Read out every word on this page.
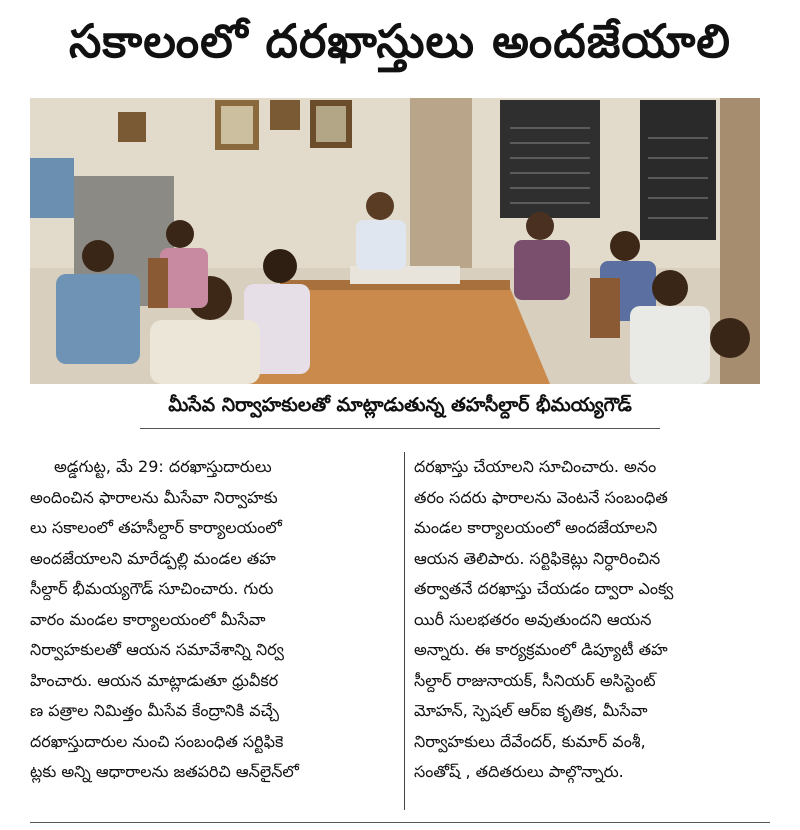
సకాలంలో దరఖాస్తులు అందజేయాలి
మీసేవ నిర్వాహకులతో మాట్లాడుతున్న తహసీల్దార్ భీమయ్యగౌడ్
అడ్డగుట్ట, మే 29: దరఖాస్తుదారులు
అందించిన ఫారాలను మీసేవా నిర్వాహకు
లు సకాలంలో తహసీల్దార్ కార్యాలయంలో
అందజేయాలని మారేడ్పల్లి మండల తహ
సీల్దార్ భీమయ్యగౌడ్ సూచించారు. గురు
వారం మండల కార్యాలయంలో మీసేవా
నిర్వాహకులతో ఆయన సమావేశాన్ని నిర్వ
హించారు. ఆయన మాట్లాడుతూ ధ్రువీకర
ణ పత్రాల నిమిత్తం మీసేవ కేంద్రానికి వచ్చే
దరఖాస్తుదారుల నుంచి సంబంధిత సర్టిఫికె
ట్లకు అన్ని ఆధారాలను జతపరిచి ఆన్‌లైన్‌లో
దరఖాస్తు చేయాలని సూచించారు. అనం
తరం సదరు ఫారాలను వెంటనే సంబంధిత
మండల కార్యాలయంలో అందజేయాలని
ఆయన తెలిపారు. సర్టిఫికెట్లు నిర్ధారించిన
తర్వాతనే దరఖాస్తు చేయడం ద్వారా ఎంక్వ
యిరీ సులభతరం అవుతుందని ఆయన
అన్నారు. ఈ కార్యక్రమంలో డిప్యూటీ తహ
సీల్దార్ రాజునాయక్, సీనియర్ అసిస్టెంట్
మోహన్, స్పెషల్ ఆర్ఐ కృతిక, మీసేవా
నిర్వాహకులు దేవేందర్, కుమార్ వంశీ,
సంతోష్ , తదితరులు పాల్గొన్నారు.
